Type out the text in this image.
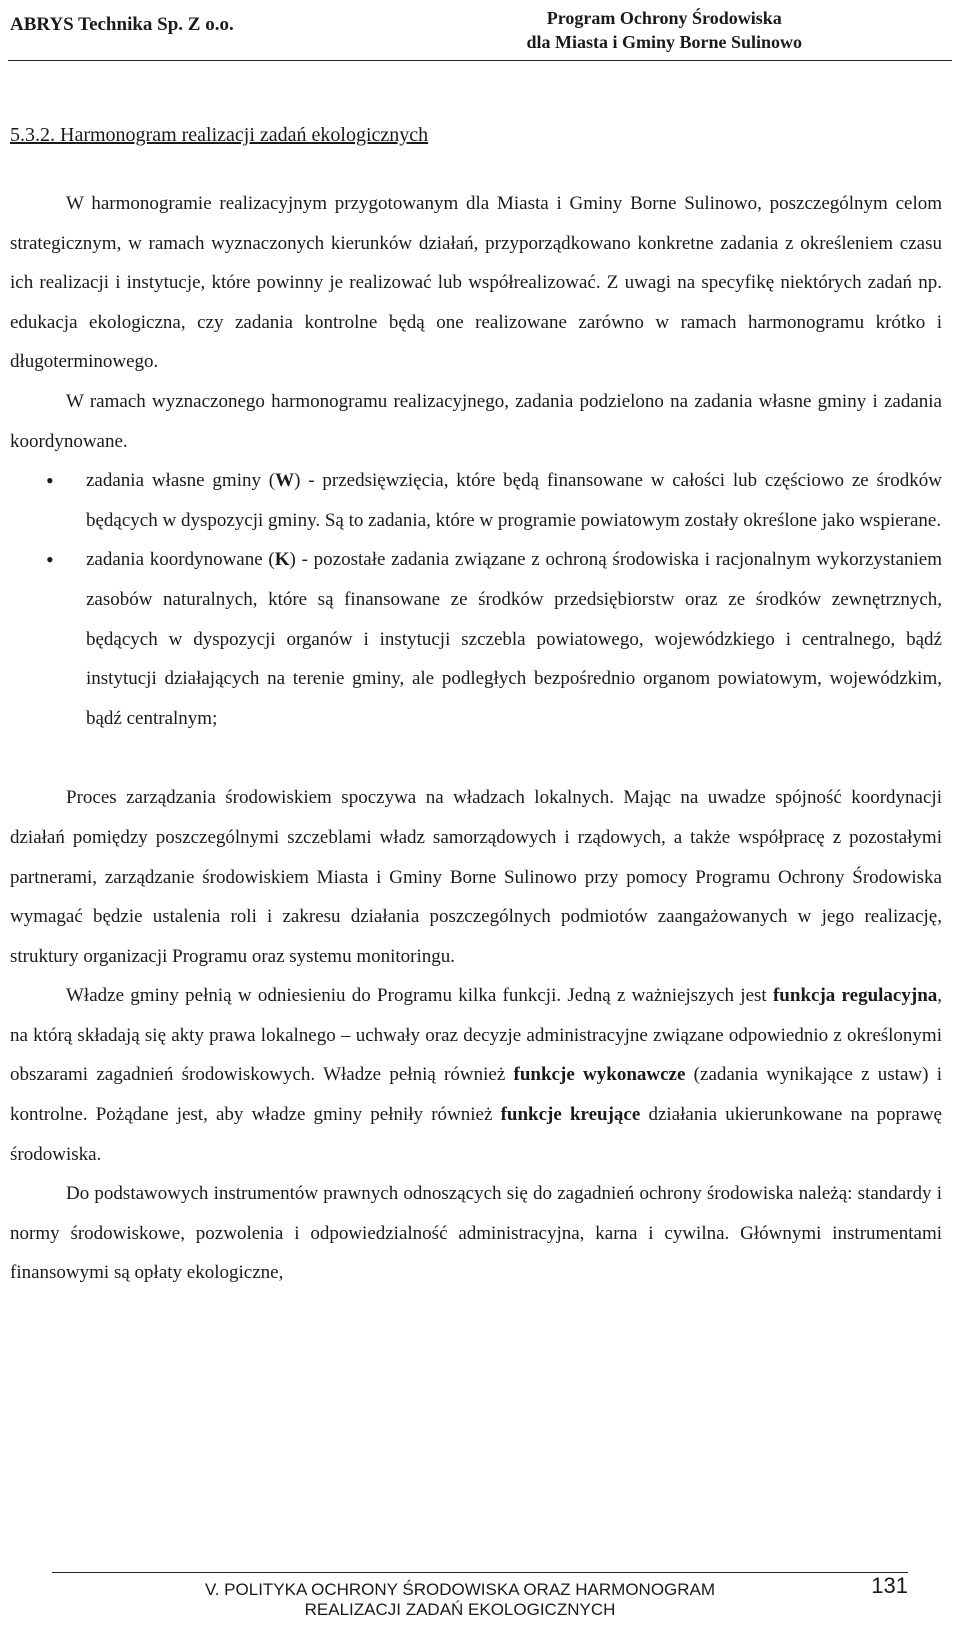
ABRYS Technika Sp. Z o.o.	Program Ochrony Środowiska
dla Miasta i Gminy Borne Sulinowo
5.3.2. Harmonogram realizacji zadań ekologicznych

W harmonogramie realizacyjnym przygotowanym dla Miasta i Gminy Borne Sulinowo, poszczególnym celom strategicznym, w ramach wyznaczonych kierunków działań, przyporządkowano konkretne zadania z określeniem czasu ich realizacji i instytucje, które powinny je realizować lub współrealizować. Z uwagi na specyfikę niektórych zadań np. edukacja ekologiczna, czy zadania kontrolne będą one realizowane zarówno w ramach harmonogramu krótko i długoterminowego.

W ramach wyznaczonego harmonogramu realizacyjnego, zadania podzielono na zadania własne gminy i zadania koordynowane.

• zadania własne gminy (W) - przedsięwzięcia, które będą finansowane w całości lub częściowo ze środków będących w dyspozycji gminy. Są to zadania, które w programie powiatowym zostały określone jako wspierane.
• zadania koordynowane (K) - pozostałe zadania związane z ochroną środowiska i racjonalnym wykorzystaniem zasobów naturalnych, które są finansowane ze środków przedsiębiorstw oraz ze środków zewnętrznych, będących w dyspozycji organów i instytucji szczebla powiatowego, wojewódzkiego i centralnego, bądź instytucji działających na terenie gminy, ale podległych bezpośrednio organom powiatowym, wojewódzkim, bądź centralnym;

Proces zarządzania środowiskiem spoczywa na władzach lokalnych. Mając na uwadze spójność koordynacji działań pomiędzy poszczególnymi szczeblami władz samorządowych i rządowych, a także współpracę z pozostałymi partnerami, zarządzanie środowiskiem Miasta i Gminy Borne Sulinowo przy pomocy Programu Ochrony Środowiska wymagać będzie ustalenia roli i zakresu działania poszczególnych podmiotów zaangażowanych w jego realizację, struktury organizacji Programu oraz systemu monitoringu.

Władze gminy pełnią w odniesieniu do Programu kilka funkcji. Jedną z ważniejszych jest funkcja regulacyjna, na którą składają się akty prawa lokalnego – uchwały oraz decyzje administracyjne związane odpowiednio z określonymi obszarami zagadnień środowiskowych. Władze pełnią również funkcje wykonawcze (zadania wynikające z ustaw) i kontrolne. Pożądane jest, aby władze gminy pełniły również funkcje kreujące działania ukierunkowane na poprawę środowiska.

Do podstawowych instrumentów prawnych odnoszących się do zagadnień ochrony środowiska należą: standardy i normy środowiskowe, pozwolenia i odpowiedzialność administracyjna, karna i cywilna. Głównymi instrumentami finansowymi są opłaty ekologiczne,

V. POLITYKA OCHRONY ŚRODOWISKA ORAZ HARMONOGRAM
REALIZACJI ZADAŃ EKOLOGICZNYCH
131
